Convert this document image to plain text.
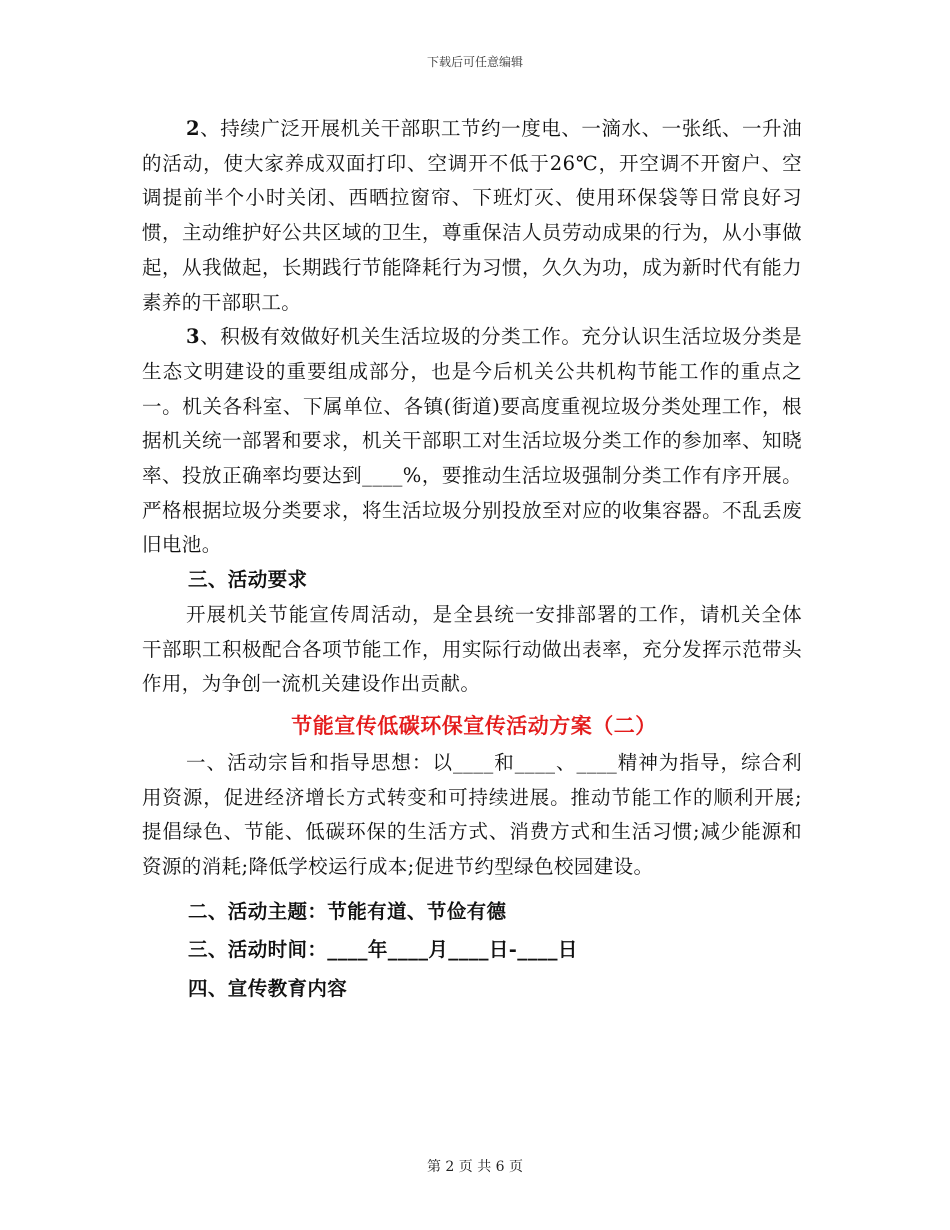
下载后可任意编辑

2、持续广泛开展机关干部职工节约一度电、一滴水、一张纸、一升油的活动，使大家养成双面打印、空调开不低于26℃，开空调不开窗户、空调提前半个小时关闭、西晒拉窗帘、下班灯灭、使用环保袋等日常良好习惯，主动维护好公共区域的卫生，尊重保洁人员劳动成果的行为，从小事做起，从我做起，长期践行节能降耗行为习惯，久久为功，成为新时代有能力素养的干部职工。

3、积极有效做好机关生活垃圾的分类工作。充分认识生活垃圾分类是生态文明建设的重要组成部分，也是今后机关公共机构节能工作的重点之一。机关各科室、下属单位、各镇(街道)要高度重视垃圾分类处理工作，根据机关统一部署和要求，机关干部职工对生活垃圾分类工作的参加率、知晓率、投放正确率均要达到____%，要推动生活垃圾强制分类工作有序开展。严格根据垃圾分类要求，将生活垃圾分别投放至对应的收集容器。不乱丢废旧电池。

三、活动要求

开展机关节能宣传周活动，是全县统一安排部署的工作，请机关全体干部职工积极配合各项节能工作，用实际行动做出表率，充分发挥示范带头作用，为争创一流机关建设作出贡献。

节能宣传低碳环保宣传活动方案（二）

一、活动宗旨和指导思想：以____和____、____精神为指导，综合利用资源，促进经济增长方式转变和可持续进展。推动节能工作的顺利开展;提倡绿色、节能、低碳环保的生活方式、消费方式和生活习惯;减少能源和资源的消耗;降低学校运行成本;促进节约型绿色校园建设。

二、活动主题：节能有道、节俭有德

三、活动时间：____年____月____日-____日

四、宣传教育内容

第 2 页 共 6 页
